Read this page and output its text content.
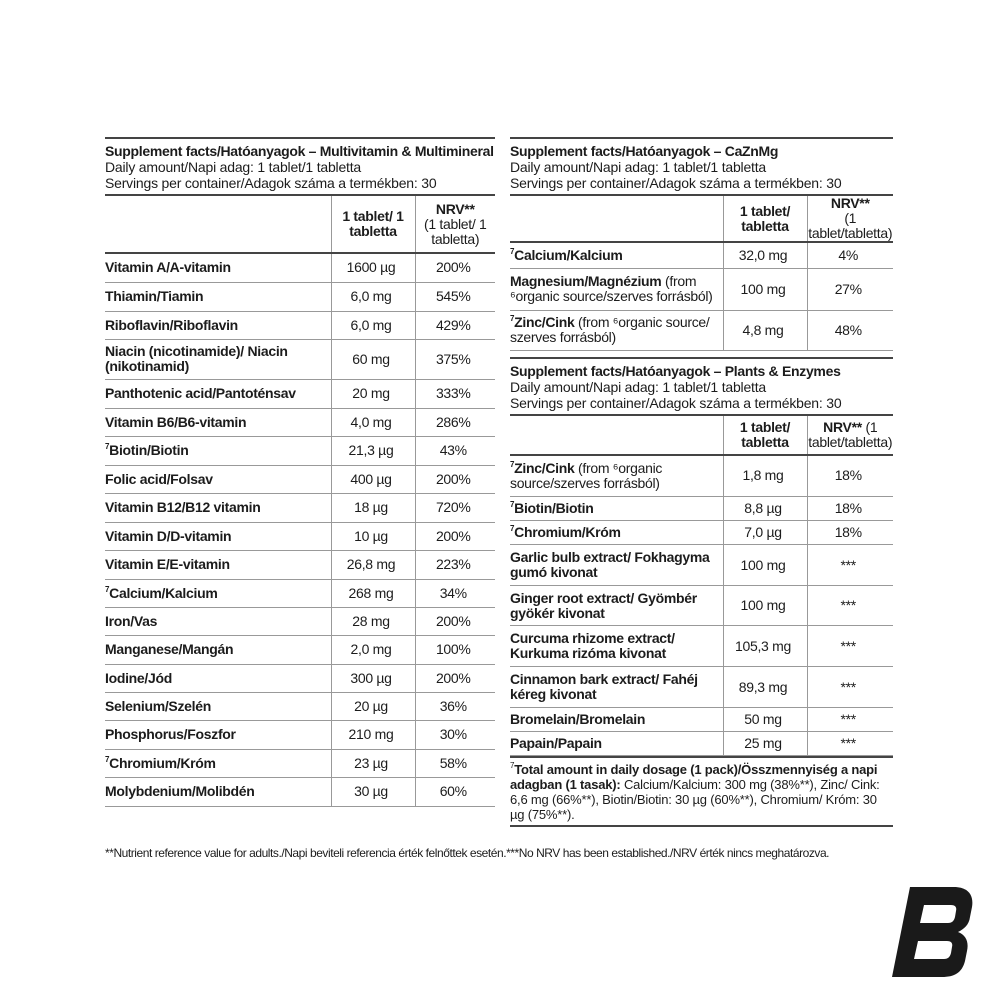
Supplement facts/Hatóanyagok – Multivitamin & Multimineral
Daily amount/Napi adag: 1 tablet/1 tabletta
Servings per container/Adagok száma a termékben: 30
	1 tablet/ 1 tabletta	NRV**
(1 tablet/ 1 tabletta)
Vitamin A/A-vitamin	1600 µg	200%
Thiamin/Tiamin	6,0 mg	545%
Riboflavin/Riboflavin	6,0 mg	429%
Niacin (nicotinamide)/ Niacin (nikotinamid)	60 mg	375%
Panthotenic acid/Pantoténsav	20 mg	333%
Vitamin B6/B6-vitamin	4,0 mg	286%
$^7$Biotin/Biotin	21,3 µg	43%
Folic acid/Folsav	400 µg	200%
Vitamin B12/B12 vitamin	18 µg	720%
Vitamin D/D-vitamin	10 µg	200%
Vitamin E/E-vitamin	26,8 mg	223%
$^7$Calcium/Kalcium	268 mg	34%
Iron/Vas	28 mg	200%
Manganese/Mangán	2,0 mg	100%
Iodine/Jód	300 µg	200%
Selenium/Szelén	20 µg	36%
Phosphorus/Foszfor	210 mg	30%
$^7$Chromium/Króm	23 µg	58%
Molybdenium/Molibdén	30 µg	60%
Supplement facts/Hatóanyagok – CaZnMg
Daily amount/Napi adag: 1 tablet/1 tabletta
Servings per container/Adagok száma a termékben: 30
	1 tablet/ tabletta	NRV**
(1 tablet/tabletta)
$^7$Calcium/Kalcium	32,0 mg	4%
Magnesium/Magnézium (from ⁶organic source/szerves forrásból)	100 mg	27%
$^7$Zinc/Cink (from ⁶organic source/ szerves forrásból)	4,8 mg	48%
Supplement facts/Hatóanyagok – Plants & Enzymes
Daily amount/Napi adag: 1 tablet/1 tabletta
Servings per container/Adagok száma a termékben: 30
	1 tablet/ tabletta	NRV** (1 tablet/tabletta)
$^7$Zinc/Cink (from ⁶organic source/szerves forrásból)	1,8 mg	18%
$^7$Biotin/Biotin	8,8 µg	18%
$^7$Chromium/Króm	7,0 µg	18%
Garlic bulb extract/ Fokhagyma gumó kivonat	100 mg	***
Ginger root extract/ Gyömbér gyökér kivonat	100 mg	***
Curcuma rhizome extract/ Kurkuma rizóma kivonat	105,3 mg	***
Cinnamon bark extract/ Fahéj kéreg kivonat	89,3 mg	***
Bromelain/Bromelain	50 mg	***
Papain/Papain	25 mg	***
$^7$Total amount in daily dosage (1 pack)/Összmennyiség a napi adagban (1 tasak): Calcium/Kalcium: 300 mg (38%**), Zinc/ Cink: 6,6 mg (66%**), Biotin/Biotin: 30 µg (60%**), Chromium/ Króm: 30 µg (75%**).
**Nutrient reference value for adults./Napi beviteli referencia érték felnőttek esetén.***No NRV has been established./NRV érték nincs meghatározva.
